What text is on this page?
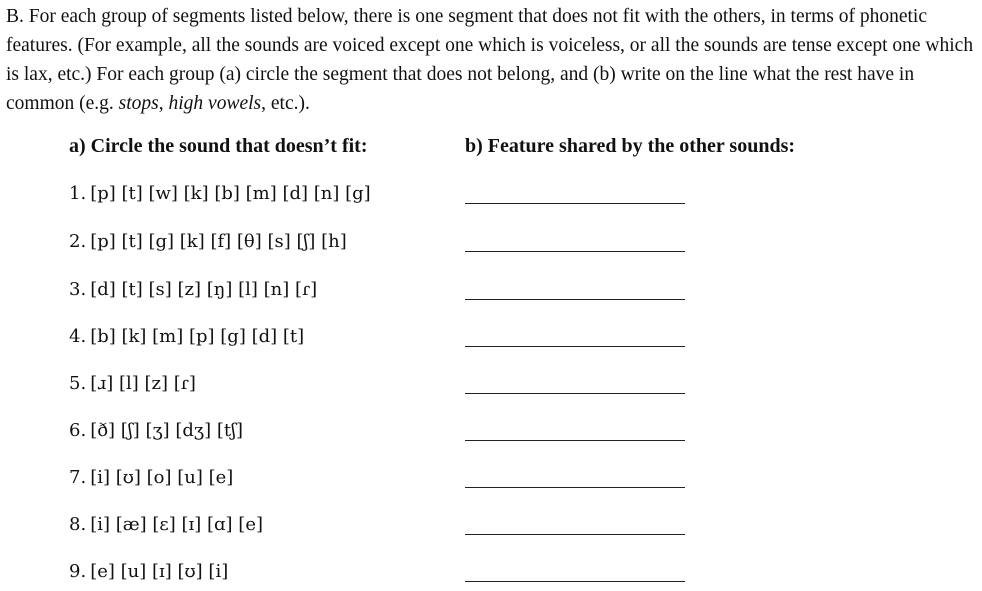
B. For each group of segments listed below, there is one segment that does not fit with the others, in terms of phonetic features. (For example, all the sounds are voiced except one which is voiceless, or all the sounds are tense except one which is lax, etc.) For each group (a) circle the segment that does not belong, and (b) write on the line what the rest have in common (e.g. stops, high vowels, etc.).

a) Circle the sound that doesn’t fit:	b) Feature shared by the other sounds:
1. [p] [t] [w] [k] [b] [m] [d] [n] [g]
2. [p] [t] [g] [k] [f] [θ] [s] [ʃ] [h]
3. [d] [t] [s] [z] [ŋ] [l] [n] [ɾ]
4. [b] [k] [m] [p] [g] [d] [t]
5. [ɹ] [l] [z] [ɾ]
6. [ð] [ʃ] [ʒ] [dʒ] [tʃ]
7. [i] [ʊ] [o] [u] [e]
8. [i] [æ] [ɛ] [ɪ] [ɑ] [e]
9. [e] [u] [ɪ] [ʊ] [i]
